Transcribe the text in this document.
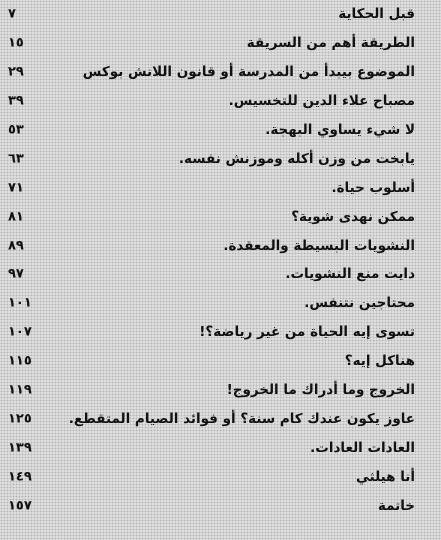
قبل الحكاية
٧
الطريقة أهم من السريقة
١٥
الموضوع بيبدأ من المدرسة أو قانون اللانش بوكس
٢٩
مصباح علاء الدين للتخسيس.
٣٩
لا شيء يساوي البهجة.
٥٣
يابخت من وزن أكله وموزنش نفسه.
٦٣
أسلوب حياة.
٧١
ممكن نهدى شوية؟
٨١
النشويات البسيطة والمعقدة.
٨٩
دايت منع النشويات.
٩٧
محتاجين نتنفس.
١٠١
تسوى إيه الحياة من غير رياضة؟!
١٠٧
هناكل إيه؟
١١٥
الخروج وما أدراك ما الخروج!
١١٩
عاوز يكون عندك كام سنة؟ أو فوائد الصيام المتقطع.
١٢٥
العادات العادات.
١٣٩
أنا هيلثي
١٤٩
خاتمة
١٥٧
